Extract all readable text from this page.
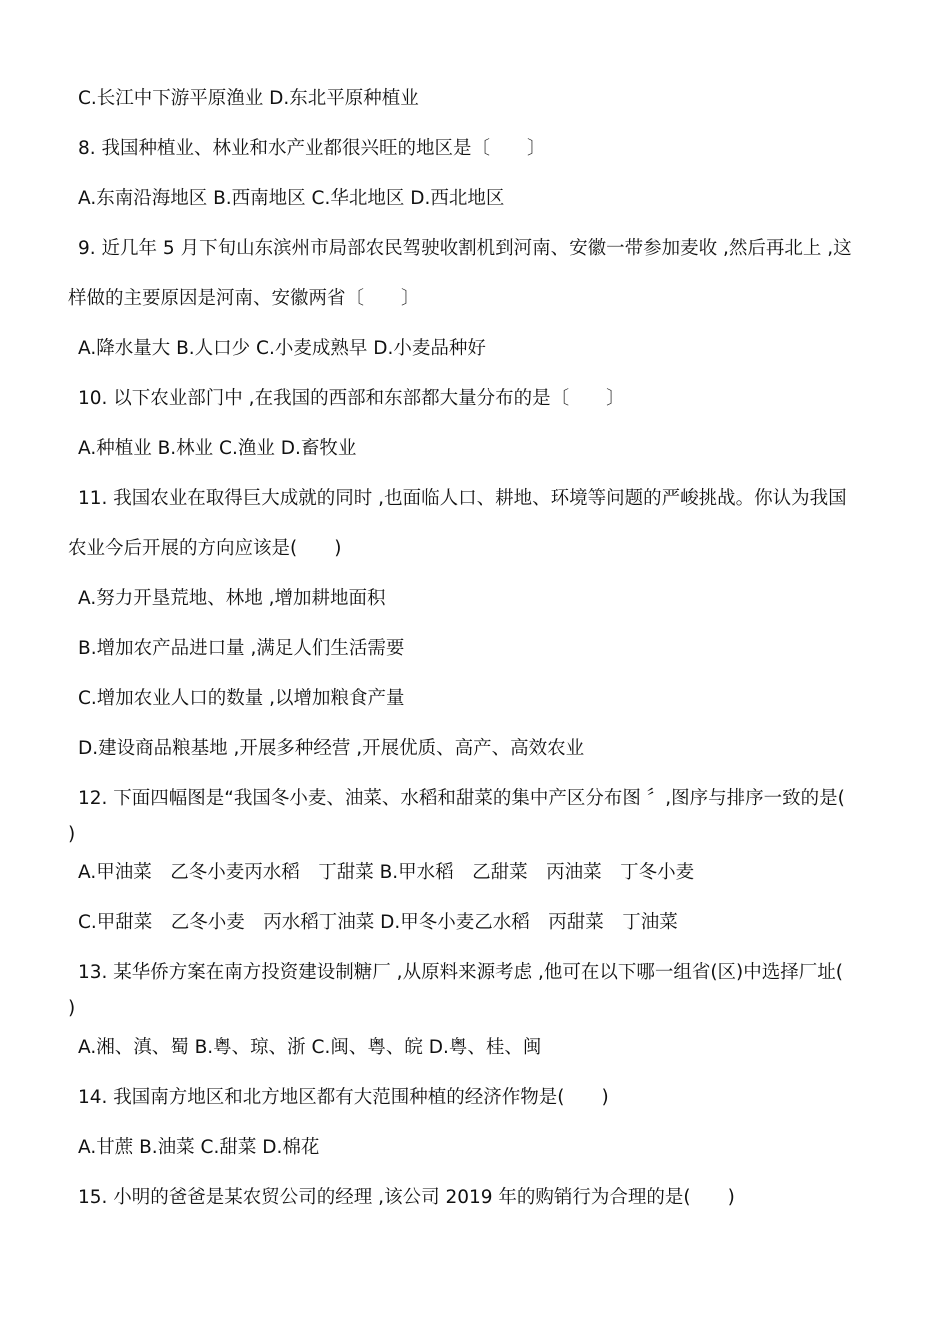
C.长江中下游平原渔业 D.东北平原种植业
8. 我国种植业、林业和水产业都很兴旺的地区是〔　　〕
A.东南沿海地区 B.西南地区 C.华北地区 D.西北地区
9. 近几年 5 月下旬山东滨州市局部农民驾驶收割机到河南、安徽一带参加麦收 ,然后再北上 ,这
样做的主要原因是河南、安徽两省〔　　〕
A.降水量大 B.人口少 C.小麦成熟早 D.小麦品种好
10. 以下农业部门中 ,在我国的西部和东部都大量分布的是〔　　〕
A.种植业 B.林业 C.渔业 D.畜牧业
11. 我国农业在取得巨大成就的同时 ,也面临人口、耕地、环境等问题的严峻挑战。你认为我国
农业今后开展的方向应该是(　　)
A.努力开垦荒地、林地 ,增加耕地面积
B.增加农产品进口量 ,满足人们生活需要
C.增加农业人口的数量 ,以增加粮食产量
D.建设商品粮基地 ,开展多种经营 ,开展优质、高产、高效农业
12. 下面四幅图是“我国冬小麦、油菜、水稻和甜菜的集中产区分布图 〞,图序与排序一致的是(
)
A.甲油菜　乙冬小麦丙水稻　丁甜菜 B.甲水稻　乙甜菜　丙油菜　丁冬小麦
C.甲甜菜　乙冬小麦　丙水稻丁油菜 D.甲冬小麦乙水稻　丙甜菜　丁油菜
13. 某华侨方案在南方投资建设制糖厂 ,从原料来源考虑 ,他可在以下哪一组省(区)中选择厂址(
)
A.湘、滇、蜀 B.粤、琼、浙 C.闽、粤、皖 D.粤、桂、闽
14. 我国南方地区和北方地区都有大范围种植的经济作物是(　　)
A.甘蔗 B.油菜 C.甜菜 D.棉花
15. 小明的爸爸是某农贸公司的经理 ,该公司 2019 年的购销行为合理的是(　　)
